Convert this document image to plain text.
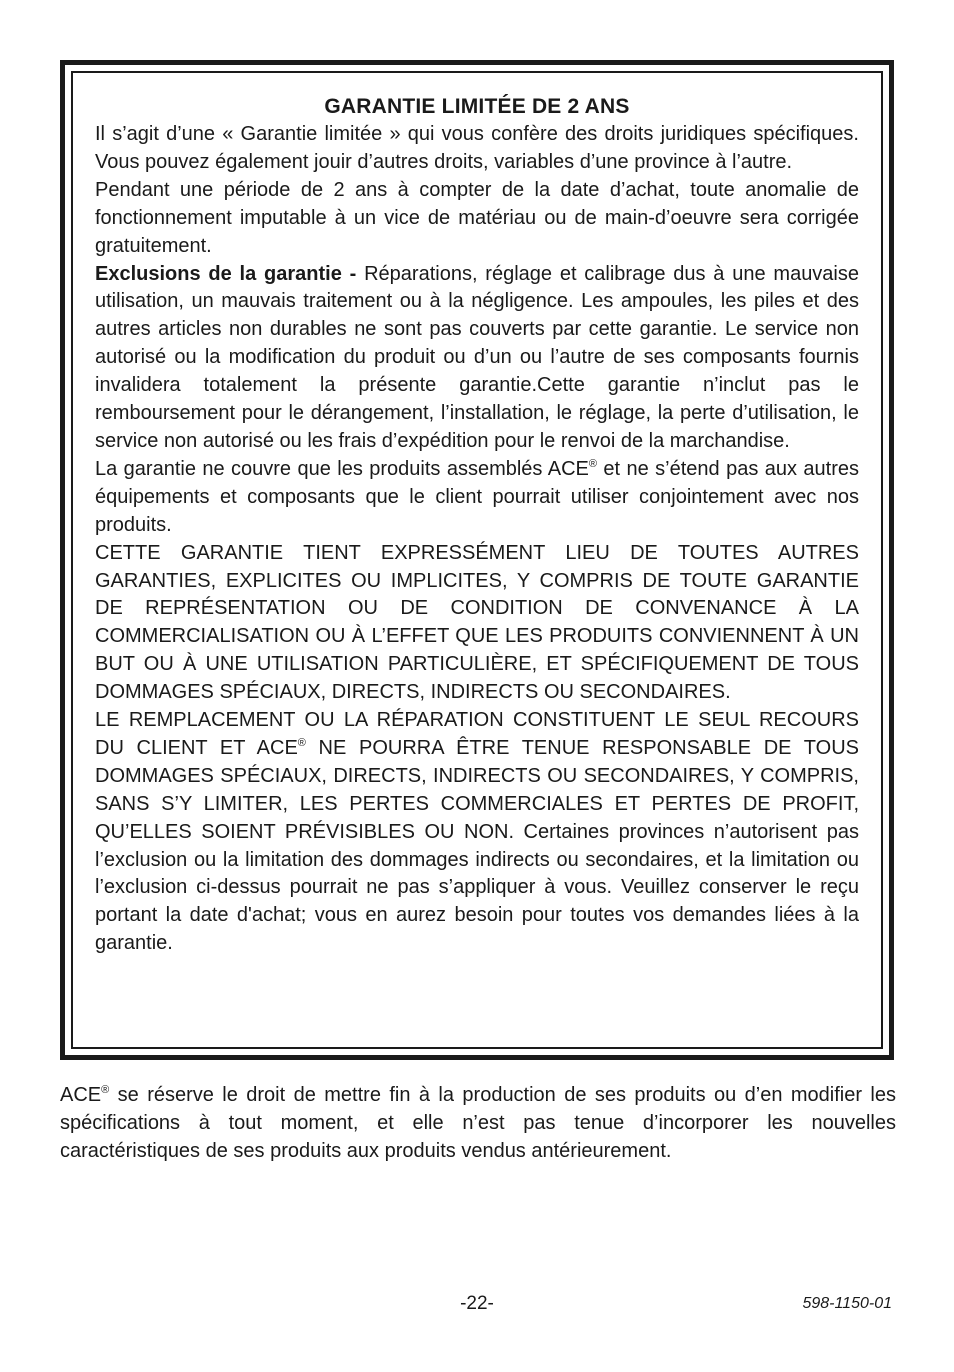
GARANTIE LIMITÉE DE 2 ANS

Il s’agit d’une « Garantie limitée » qui vous confère des droits juridiques spécifiques. Vous pouvez également jouir d’autres droits, variables d’une province à l’autre.

Pendant une période de 2 ans à compter de la date d’achat, toute anomalie de fonctionnement imputable à un vice de matériau ou de main-d’oeuvre sera corrigée gratuitement.

Exclusions de la garantie - Réparations, réglage et calibrage dus à une mauvaise utilisation, un mauvais traitement ou à la négligence. Les ampoules, les piles et des autres articles non durables ne sont pas couverts par cette garantie. Le service non autorisé ou la modification du produit ou d’un ou l’autre de ses composants fournis invalidera totalement la présente garantie.Cette garantie n’inclut pas le remboursement pour le dérangement, l’installation, le réglage, la perte d’utilisation, le service non autorisé ou les frais d’expédition pour le renvoi de la marchandise.

La garantie ne couvre que les produits assemblés ACE® et ne s’étend pas aux autres équipements et composants que le client pourrait utiliser conjointement avec nos produits.

CETTE GARANTIE TIENT EXPRESSÉMENT LIEU DE TOUTES AUTRES GARANTIES, EXPLICITES OU IMPLICITES, Y COMPRIS DE TOUTE GARANTIE DE REPRÉSENTATION OU DE CONDITION DE CONVENANCE À LA COMMERCIALISATION OU À L’EFFET QUE LES PRODUITS CONVIENNENT À UN BUT OU À UNE UTILISATION PARTICULIÈRE, ET SPÉCIFIQUEMENT DE TOUS DOMMAGES SPÉCIAUX, DIRECTS, INDIRECTS OU SECONDAIRES.

LE REMPLACEMENT OU LA RÉPARATION CONSTITUENT LE SEUL RECOURS DU CLIENT ET ACE® NE POURRA ÊTRE TENUE RESPONSABLE DE TOUS DOMMAGES SPÉCIAUX, DIRECTS, INDIRECTS OU SECONDAIRES, Y COMPRIS, SANS S’Y LIMITER, LES PERTES COMMERCIALES ET PERTES DE PROFIT, QU’ELLES SOIENT PRÉVISIBLES OU NON. Certaines provinces n’autorisent pas l’exclusion ou la limitation des dommages indirects ou secondaires, et la limitation ou l’exclusion ci-dessus pourrait ne pas s’appliquer à vous. Veuillez conserver le reçu portant la date d'achat; vous en aurez besoin pour toutes vos demandes liées à la garantie.

ACE® se réserve le droit de mettre fin à la production de ses produits ou d’en modifier les spécifications à tout moment, et elle n’est pas tenue d’incorporer les nouvelles caractéristiques de ses produits aux produits vendus antérieurement.

-22-	598-1150-01
